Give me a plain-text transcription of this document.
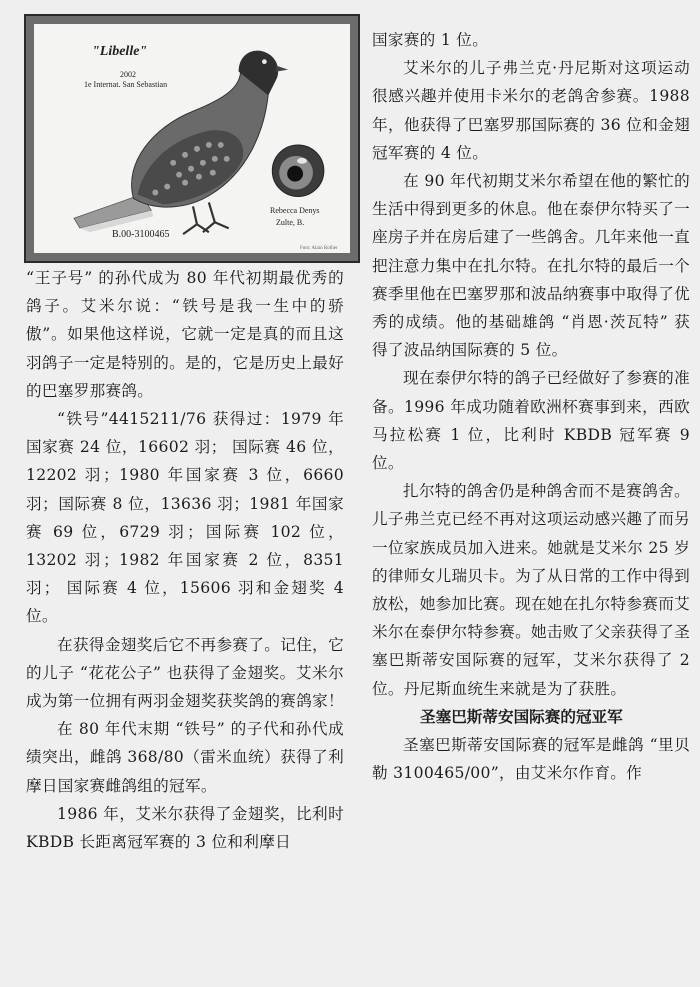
"Libelle"
2002
1e Internat. San Sebastian
Rebecca Denys
Zulte, B.
B.00-3100465
Foto: Alain Rollier

“王子号” 的孙代成为 80 年代初期最优秀的鸽子。艾米尔说：“铁号是我一生中的骄傲”。如果他这样说，它就一定是真的而且这羽鸽子一定是特别的。是的，它是历史上最好的巴塞罗那赛鸽。

“铁号”4415211/76 获得过：1979 年国家赛 24 位，16602 羽； 国际赛 46 位，12202 羽；1980 年国家赛 3 位，6660 羽；国际赛 8 位，13636 羽；1981 年国家赛 69 位，6729 羽；国际赛 102 位，13202 羽；1982 年国家赛 2 位，8351 羽； 国际赛 4 位，15606 羽和金翅奖 4 位。

在获得金翅奖后它不再参赛了。记住，它的儿子 “花花公子” 也获得了金翅奖。艾米尔成为第一位拥有两羽金翅奖获奖鸽的赛鸽家！

在 80 年代末期 “铁号” 的子代和孙代成绩突出，雌鸽 368/80（雷米血统）获得了利摩日国家赛雌鸽组的冠军。

1986 年，艾米尔获得了金翅奖，比利时 KBDB 长距离冠军赛的 3 位和利摩日

国家赛的 1 位。

艾米尔的儿子弗兰克·丹尼斯对这项运动很感兴趣并使用卡米尔的老鸽舍参赛。1988 年，他获得了巴塞罗那国际赛的 36 位和金翅冠军赛的 4 位。

在 90 年代初期艾米尔希望在他的繁忙的生活中得到更多的休息。他在泰伊尔特买了一座房子并在房后建了一些鸽舍。几年来他一直把注意力集中在扎尔特。在扎尔特的最后一个赛季里他在巴塞罗那和波品纳赛事中取得了优秀的成绩。他的基础雄鸽 “肖恩·茨瓦特” 获得了波品纳国际赛的 5 位。

现在泰伊尔特的鸽子已经做好了参赛的准备。1996 年成功随着欧洲杯赛事到来，西欧马拉松赛 1 位，比利时 KBDB 冠军赛 9 位。

扎尔特的鸽舍仍是种鸽舍而不是赛鸽舍。儿子弗兰克已经不再对这项运动感兴趣了而另一位家族成员加入进来。她就是艾米尔 25 岁的律师女儿瑞贝卡。为了从日常的工作中得到放松，她参加比赛。现在她在扎尔特参赛而艾米尔在泰伊尔特参赛。她击败了父亲获得了圣塞巴斯蒂安国际赛的冠军，艾米尔获得了 2 位。丹尼斯血统生来就是为了获胜。

圣塞巴斯蒂安国际赛的冠亚军

圣塞巴斯蒂安国际赛的冠军是雌鸽 “里贝勒 3100465/00”，由艾米尔作育。作
